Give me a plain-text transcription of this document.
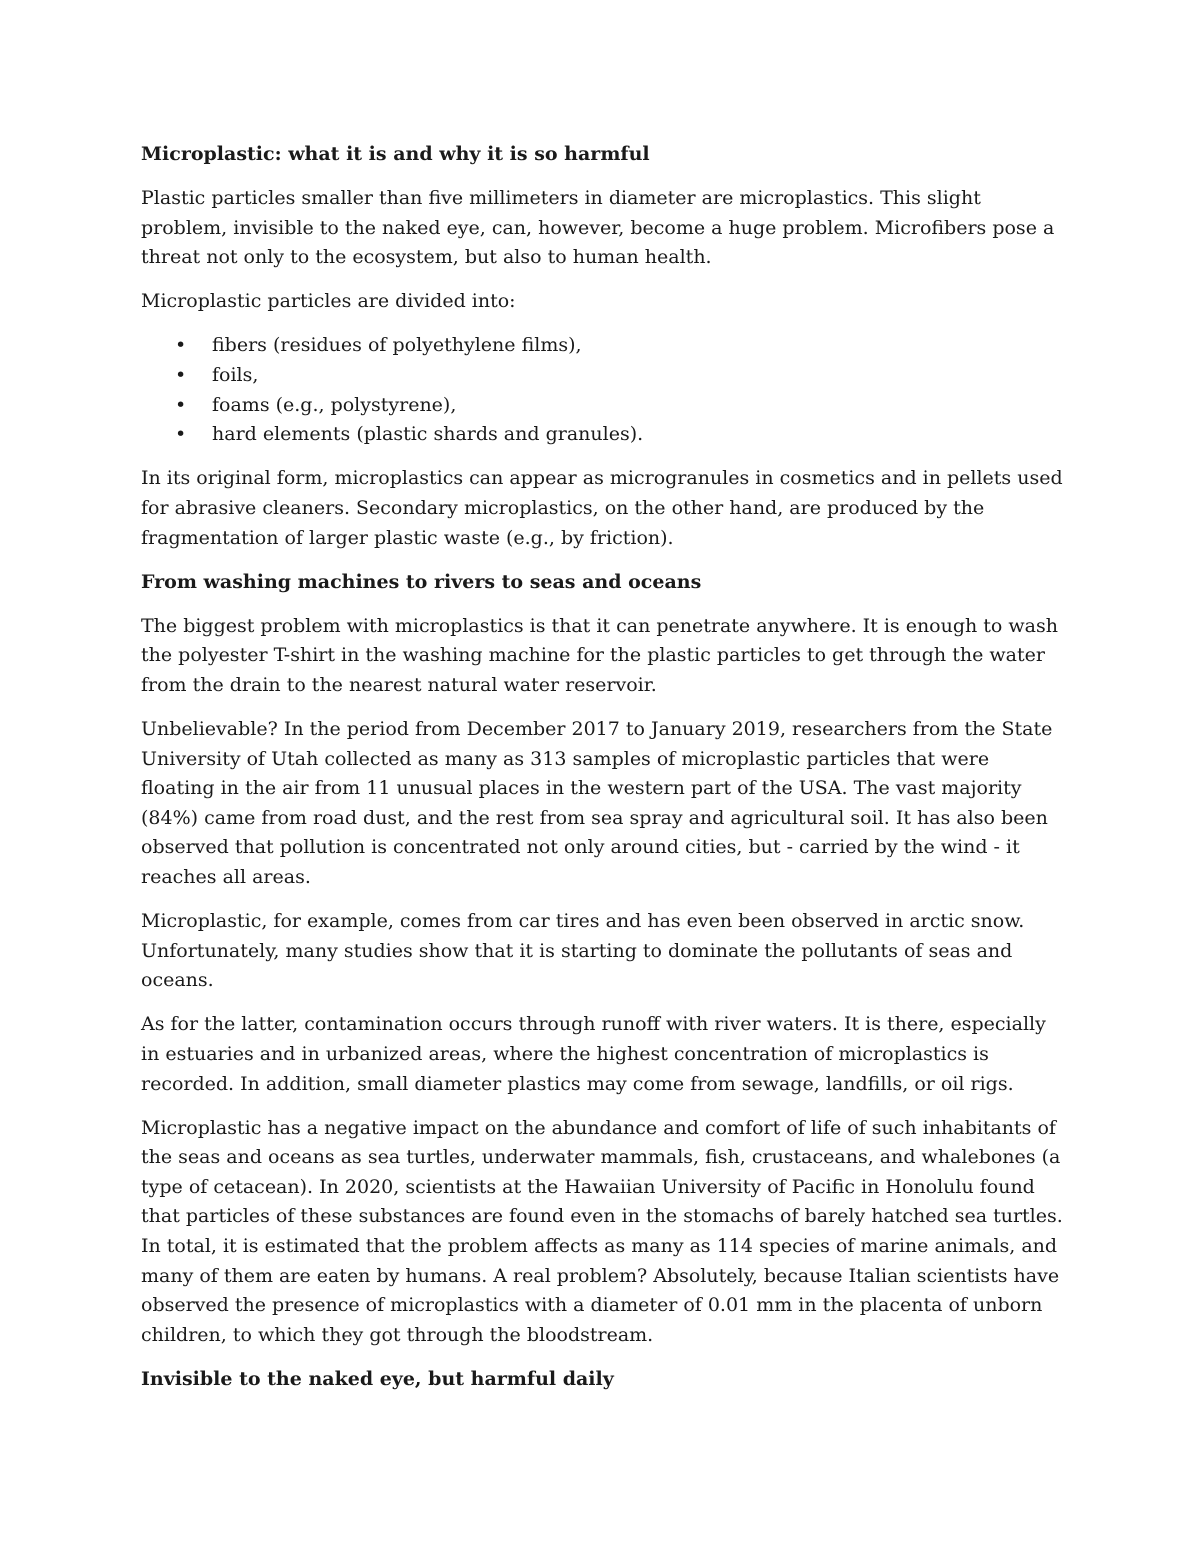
Microplastic: what it is and why it is so harmful

Plastic particles smaller than five millimeters in diameter are microplastics. This slight problem, invisible to the naked eye, can, however, become a huge problem. Microfibers pose a threat not only to the ecosystem, but also to human health.

Microplastic particles are divided into:

• fibers (residues of polyethylene films),
• foils,
• foams (e.g., polystyrene),
• hard elements (plastic shards and granules).

In its original form, microplastics can appear as microgranules in cosmetics and in pellets used for abrasive cleaners. Secondary microplastics, on the other hand, are produced by the fragmentation of larger plastic waste (e.g., by friction).

From washing machines to rivers to seas and oceans

The biggest problem with microplastics is that it can penetrate anywhere. It is enough to wash the polyester T-shirt in the washing machine for the plastic particles to get through the water from the drain to the nearest natural water reservoir.

Unbelievable? In the period from December 2017 to January 2019, researchers from the State University of Utah collected as many as 313 samples of microplastic particles that were floating in the air from 11 unusual places in the western part of the USA. The vast majority (84%) came from road dust, and the rest from sea spray and agricultural soil. It has also been observed that pollution is concentrated not only around cities, but - carried by the wind - it reaches all areas.

Microplastic, for example, comes from car tires and has even been observed in arctic snow. Unfortunately, many studies show that it is starting to dominate the pollutants of seas and oceans.

As for the latter, contamination occurs through runoff with river waters. It is there, especially in estuaries and in urbanized areas, where the highest concentration of microplastics is recorded. In addition, small diameter plastics may come from sewage, landfills, or oil rigs.

Microplastic has a negative impact on the abundance and comfort of life of such inhabitants of the seas and oceans as sea turtles, underwater mammals, fish, crustaceans, and whalebones (a type of cetacean). In 2020, scientists at the Hawaiian University of Pacific in Honolulu found that particles of these substances are found even in the stomachs of barely hatched sea turtles. In total, it is estimated that the problem affects as many as 114 species of marine animals, and many of them are eaten by humans. A real problem? Absolutely, because Italian scientists have observed the presence of microplastics with a diameter of 0.01 mm in the placenta of unborn children, to which they got through the bloodstream.

Invisible to the naked eye, but harmful daily
